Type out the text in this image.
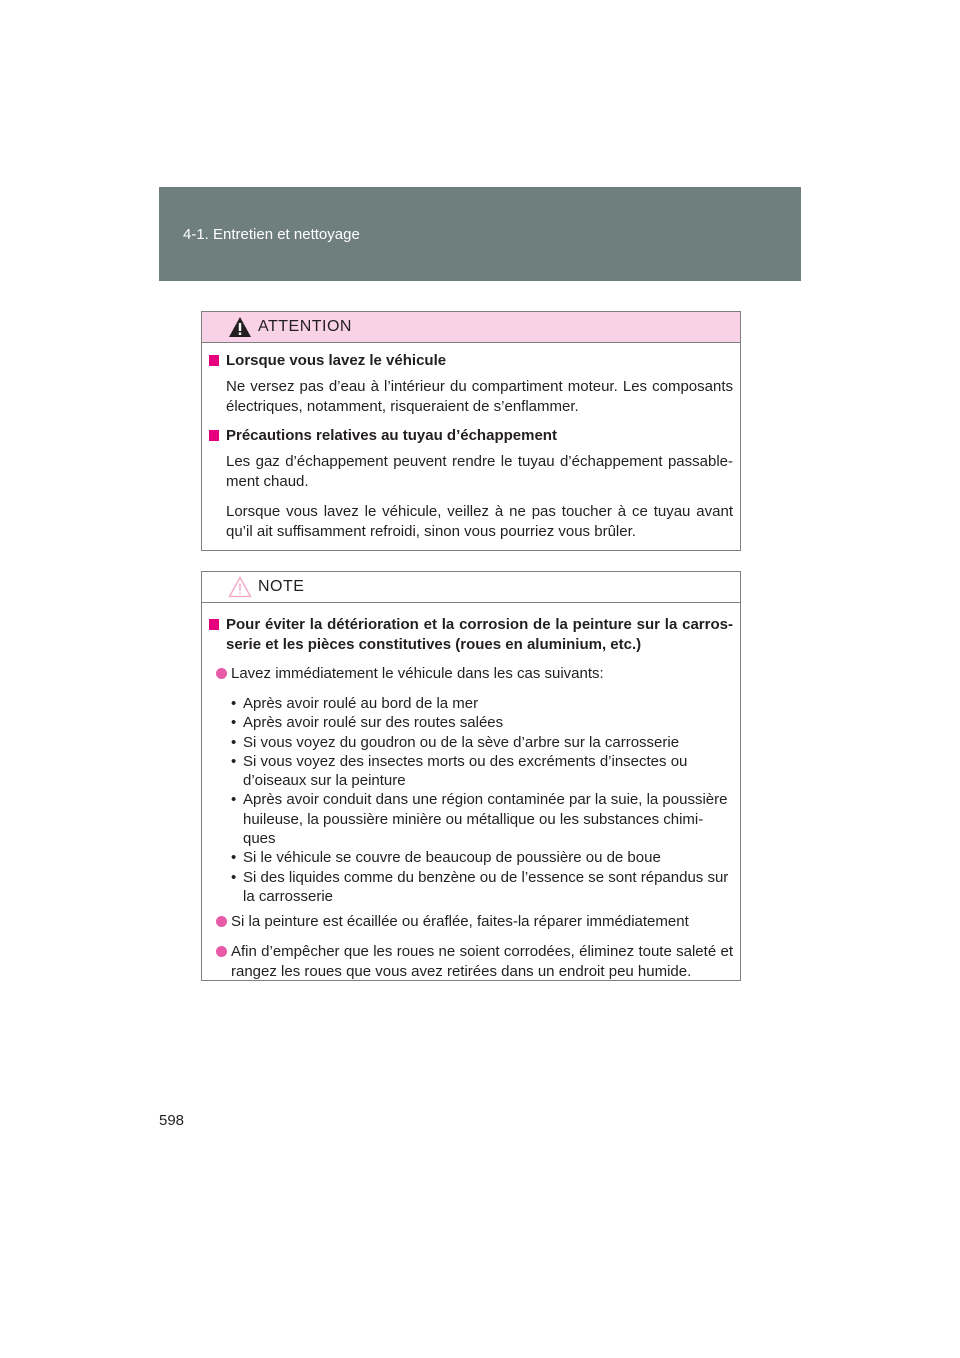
4-1. Entretien et nettoyage
ATTENTION
Lorsque vous lavez le véhicule
Ne versez pas d’eau à l’intérieur du compartiment moteur. Les composants électriques, notamment, risqueraient de s’enflammer.
Précautions relatives au tuyau d’échappement
Les gaz d’échappement peuvent rendre le tuyau d’échappement passable-ment chaud.
Lorsque vous lavez le véhicule, veillez à ne pas toucher à ce tuyau avant qu’il ait suffisamment refroidi, sinon vous pourriez vous brûler.
NOTE
Pour éviter la détérioration et la corrosion de la peinture sur la carros-serie et les pièces constitutives (roues en aluminium, etc.)
Lavez immédiatement le véhicule dans les cas suivants:
• Après avoir roulé au bord de la mer
• Après avoir roulé sur des routes salées
• Si vous voyez du goudron ou de la sève d’arbre sur la carrosserie
• Si vous voyez des insectes morts ou des excréments d’insectes ou d’oiseaux sur la peinture
• Après avoir conduit dans une région contaminée par la suie, la poussière huileuse, la poussière minière ou métallique ou les substances chimi-ques
• Si le véhicule se couvre de beaucoup de poussière ou de boue
• Si des liquides comme du benzène ou de l’essence se sont répandus sur la carrosserie
Si la peinture est écaillée ou éraflée, faites-la réparer immédiatement
Afin d’empêcher que les roues ne soient corrodées, éliminez toute saleté et rangez les roues que vous avez retirées dans un endroit peu humide.
598
